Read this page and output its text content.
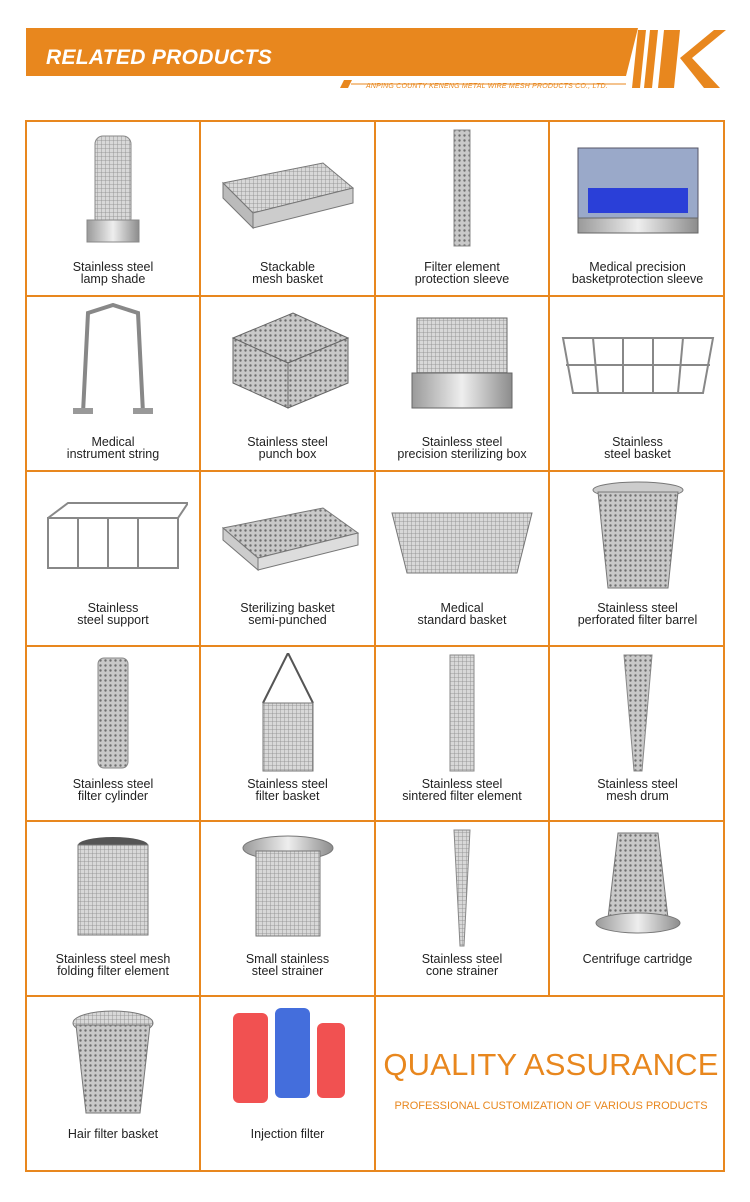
RELATED PRODUCTS
ANPING COUNTY KENENG METAL WIRE MESH PRODUCTS CO., LTD.
Stainless steel
lamp shade
Stackable
mesh basket
Filter element
protection sleeve
Medical precision
basketprotection sleeve
Medical
instrument string
Stainless steel
punch box
Stainless steel
precision sterilizing box
Stainless
steel basket
Stainless
steel support
Sterilizing basket
semi-punched
Medical
standard basket
Stainless steel
perforated filter barrel
Stainless steel
filter cylinder
Stainless steel
filter basket
Stainless steel
sintered filter element
Stainless steel
mesh drum
Stainless steel mesh
folding filter element
Small stainless
steel strainer
Stainless steel
cone strainer
Centrifuge cartridge
Hair filter basket	Injection filter
QUALITY ASSURANCE
PROFESSIONAL CUSTOMIZATION OF VARIOUS PRODUCTS
